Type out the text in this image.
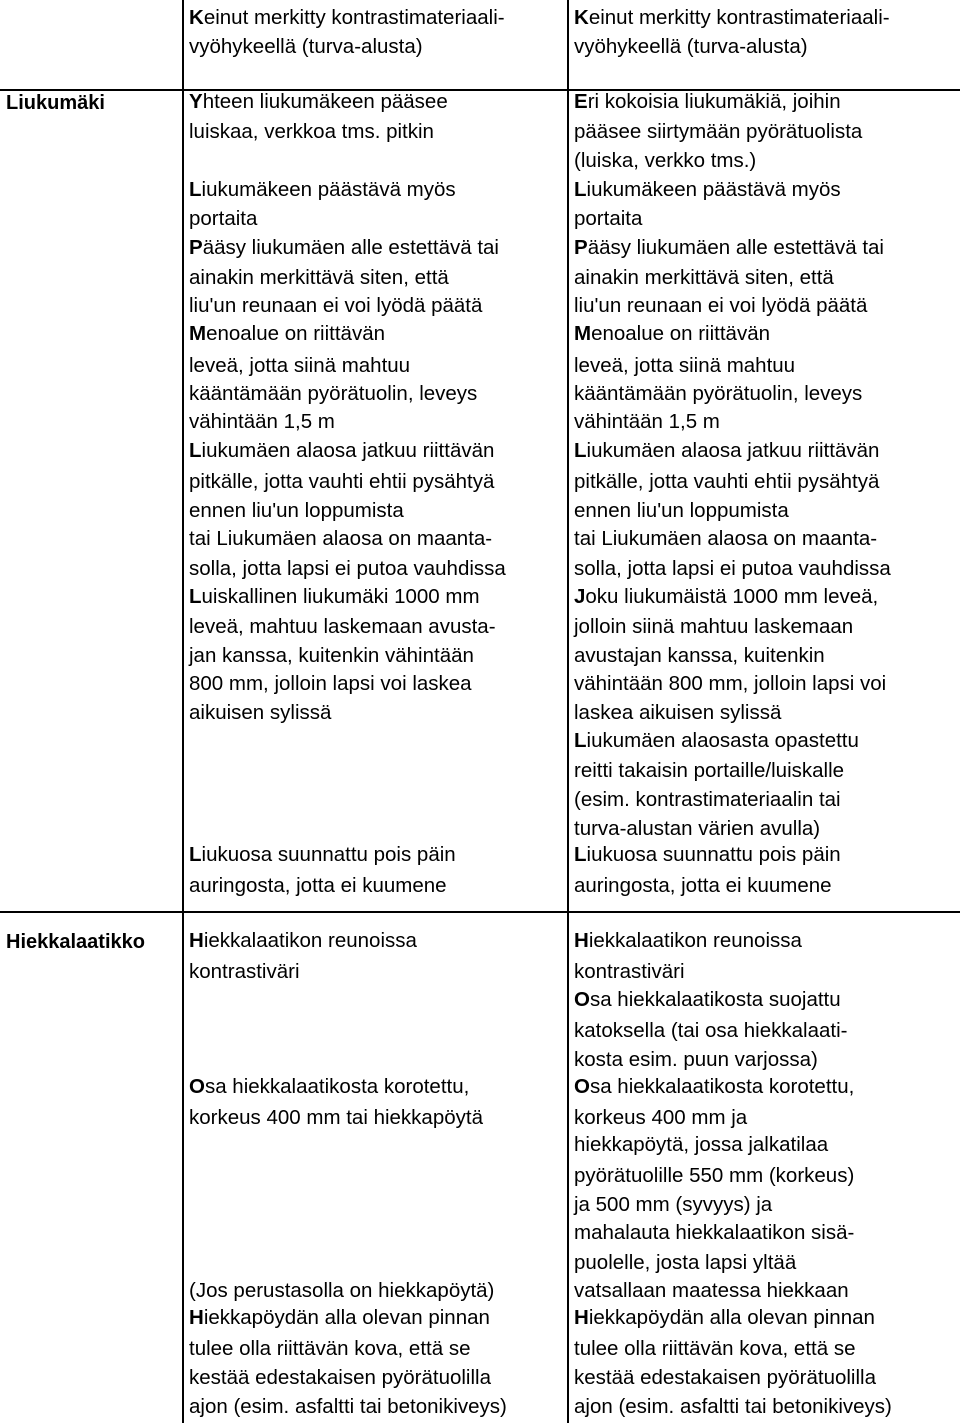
Keinut merkitty kontrastimateriaali-
vyöhykeellä (turva-alusta)
Keinut merkitty kontrastimateriaali-
vyöhykeellä (turva-alusta)
Liukumäki	Yhteen liukumäkeen pääsee
luiskaa, verkkoa tms. pitkin
Liukumäkeen päästävä myös
portaita
Pääsy liukumäen alle estettävä tai
ainakin merkittävä siten, että
liu'un reunaan ei voi lyödä päätä
Menoalue on riittävän
leveä, jotta siinä mahtuu
kääntämään pyörätuolin, leveys
vähintään 1,5 m
Liukumäen alaosa jatkuu riittävän
pitkälle, jotta vauhti ehtii pysähtyä
ennen liu'un loppumista
tai Liukumäen alaosa on maanta-
solla, jotta lapsi ei putoa vauhdissa
Luiskallinen liukumäki 1000 mm
leveä, mahtuu laskemaan avusta-
jan kanssa, kuitenkin vähintään
800 mm, jolloin lapsi voi laskea
aikuisen sylissä
Liukuosa suunnattu pois päin
auringosta, jotta ei kuumene
Eri kokoisia liukumäkiä, joihin
pääsee siirtymään pyörätuolista
(luiska, verkko tms.)
Liukumäkeen päästävä myös
portaita
Pääsy liukumäen alle estettävä tai
ainakin merkittävä siten, että
liu'un reunaan ei voi lyödä päätä
Menoalue on riittävän
leveä, jotta siinä mahtuu
kääntämään pyörätuolin, leveys
vähintään 1,5 m
Liukumäen alaosa jatkuu riittävän
pitkälle, jotta vauhti ehtii pysähtyä
ennen liu'un loppumista
tai Liukumäen alaosa on maanta-
solla, jotta lapsi ei putoa vauhdissa
Joku liukumäistä 1000 mm leveä,
jolloin siinä mahtuu laskemaan
avustajan kanssa, kuitenkin
vähintään 800 mm, jolloin lapsi voi
laskea aikuisen sylissä
Liukumäen alaosasta opastettu
reitti takaisin portaille/luiskalle
(esim. kontrastimateriaalin tai
turva-alustan värien avulla)
Liukuosa suunnattu pois päin
auringosta, jotta ei kuumene
Hiekkalaatikko Hiekkalaatikon reunoissa
kontrastiväri
Osa hiekkalaatikosta korotettu,
korkeus 400 mm tai hiekkapöytä
(Jos perustasolla on hiekkapöytä)
Hiekkapöydän alla olevan pinnan
tulee olla riittävän kova, että se
kestää edestakaisen pyörätuolilla
ajon (esim. asfaltti tai betonikiveys)
Hiekkalaatikon reunoissa
kontrastiväri
Osa hiekkalaatikosta suojattu
katoksella (tai osa hiekkalaati-
kosta esim. puun varjossa)
Osa hiekkalaatikosta korotettu,
korkeus 400 mm ja
hiekkapöytä, jossa jalkatilaa
pyörätuolille 550 mm (korkeus)
ja 500 mm (syvyys) ja
mahalauta hiekkalaatikon sisä-
puolelle, josta lapsi yltää
vatsallaan maatessa hiekkaan
Hiekkapöydän alla olevan pinnan
tulee olla riittävän kova, että se
kestää edestakaisen pyörätuolilla
ajon (esim. asfaltti tai betonikiveys)
